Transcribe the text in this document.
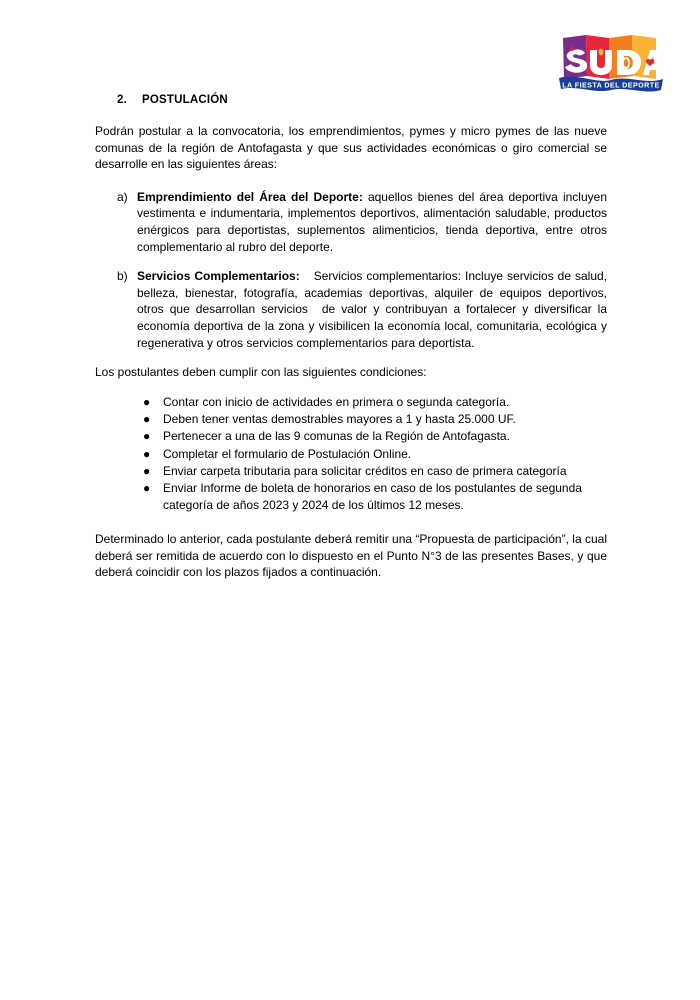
LA FIESTA DEL DEPORTE
2.	POSTULACIÓN

Podrán postular a la convocatoria, los emprendimientos, pymes y micro pymes de las nueve comunas de la región de Antofagasta y que sus actividades económicas o giro comercial se desarrolle en las siguientes áreas:

a) Emprendimiento del Área del Deporte: aquellos bienes del área deportiva incluyen vestimenta e indumentaria, implementos deportivos, alimentación saludable, productos enérgicos para deportistas, suplementos alimenticios, tienda deportiva, entre otros complementario al rubro del deporte.
b) Servicios Complementarios: Servicios complementarios: Incluye servicios de salud, belleza, bienestar, fotografía, academias deportivas, alquiler de equipos deportivos, otros que desarrollan servicios de valor y contribuyan a fortalecer y diversificar la economía deportiva de la zona y visibilicen la economía local, comunitaria, ecológica y regenerativa y otros servicios complementarios para deportista.

Los postulantes deben cumplir con las siguientes condiciones:

● Contar con inicio de actividades en primera o segunda categoría.
● Deben tener ventas demostrables mayores a 1 y hasta 25.000 UF.
● Pertenecer a una de las 9 comunas de la Región de Antofagasta.
● Completar el formulario de Postulación Online.
● Enviar carpeta tributaria para solicitar créditos en caso de primera categoría
● Enviar Informe de boleta de honorarios en caso de los postulantes de segunda categoría de años 2023 y 2024 de los últimos 12 meses.

Determinado lo anterior, cada postulante deberá remitir una “Propuesta de participación”, la cual deberá ser remitida de acuerdo con lo dispuesto en el Punto N°3 de las presentes Bases, y que deberá coincidir con los plazos fijados a continuación.
